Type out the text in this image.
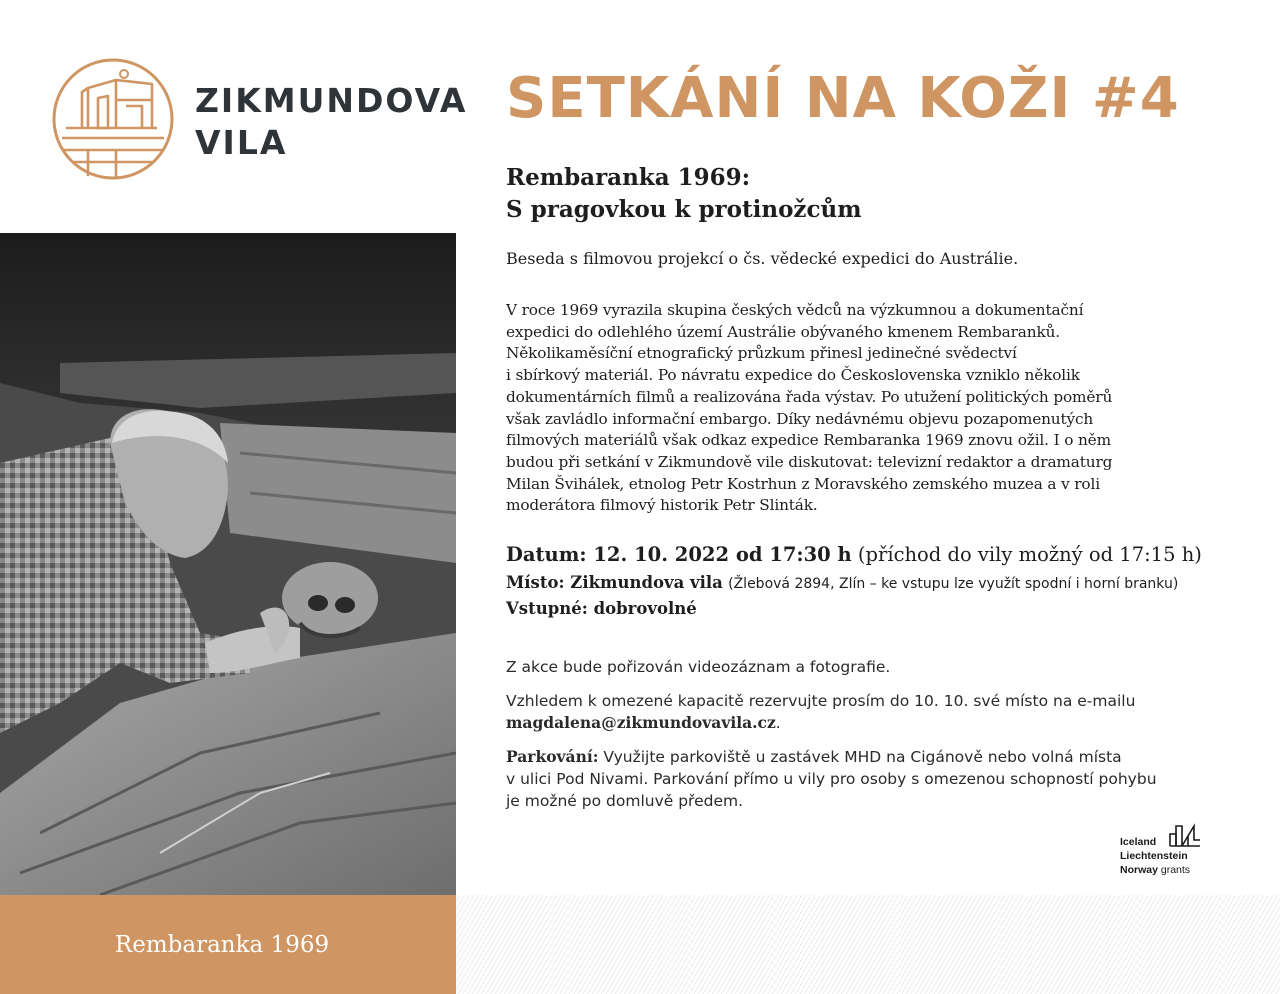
ZIKMUNDOVA
VILA
SETKÁNÍ NA KOŽI #4
Rembaranka 1969:
S pragovkou k protinožcům
Beseda s filmovou projekcí o čs. vědecké expedici do Austrálie.
V roce 1969 vyrazila skupina českých vědců na výzkumnou a dokumentační
expedici do odlehlého území Austrálie obývaného kmenem Rembaranků.
Několikaměsíční etnografický průzkum přinesl jedinečné svědectví
i sbírkový materiál. Po návratu expedice do Československa vzniklo několik
dokumentárních filmů a realizována řada výstav. Po utužení politických poměrů
však zavládlo informační embargo. Díky nedávnému objevu pozapomenutých
filmových materiálů však odkaz expedice Rembaranka 1969 znovu ožil. I o něm
budou při setkání v Zikmundově vile diskutovat: televizní redaktor a dramaturg
Milan Švihálek, etnolog Petr Kostrhun z Moravského zemského muzea a v roli
moderátora filmový historik Petr Slinták.
Datum: 12. 10. 2022 od 17:30 h (příchod do vily možný od 17:15 h)
Místo: Zikmundova vila (Žlebová 2894, Zlín – ke vstupu lze využít spodní i horní branku)
Vstupné: dobrovolné

Z akce bude pořizován videozáznam a fotografie.

Vzhledem k omezené kapacitě rezervujte prosím do 10. 10. své místo na e-mailu
magdalena@zikmundovavila.cz.

Parkování: Využijte parkoviště u zastávek MHD na Cigánově nebo volná místa
v ulici Pod Nivami. Parkování přímo u vily pro osoby s omezenou schopností pohybu
je možné po domluvě předem.

Iceland
Liechtenstein
Norway grants
Rembaranka 1969
